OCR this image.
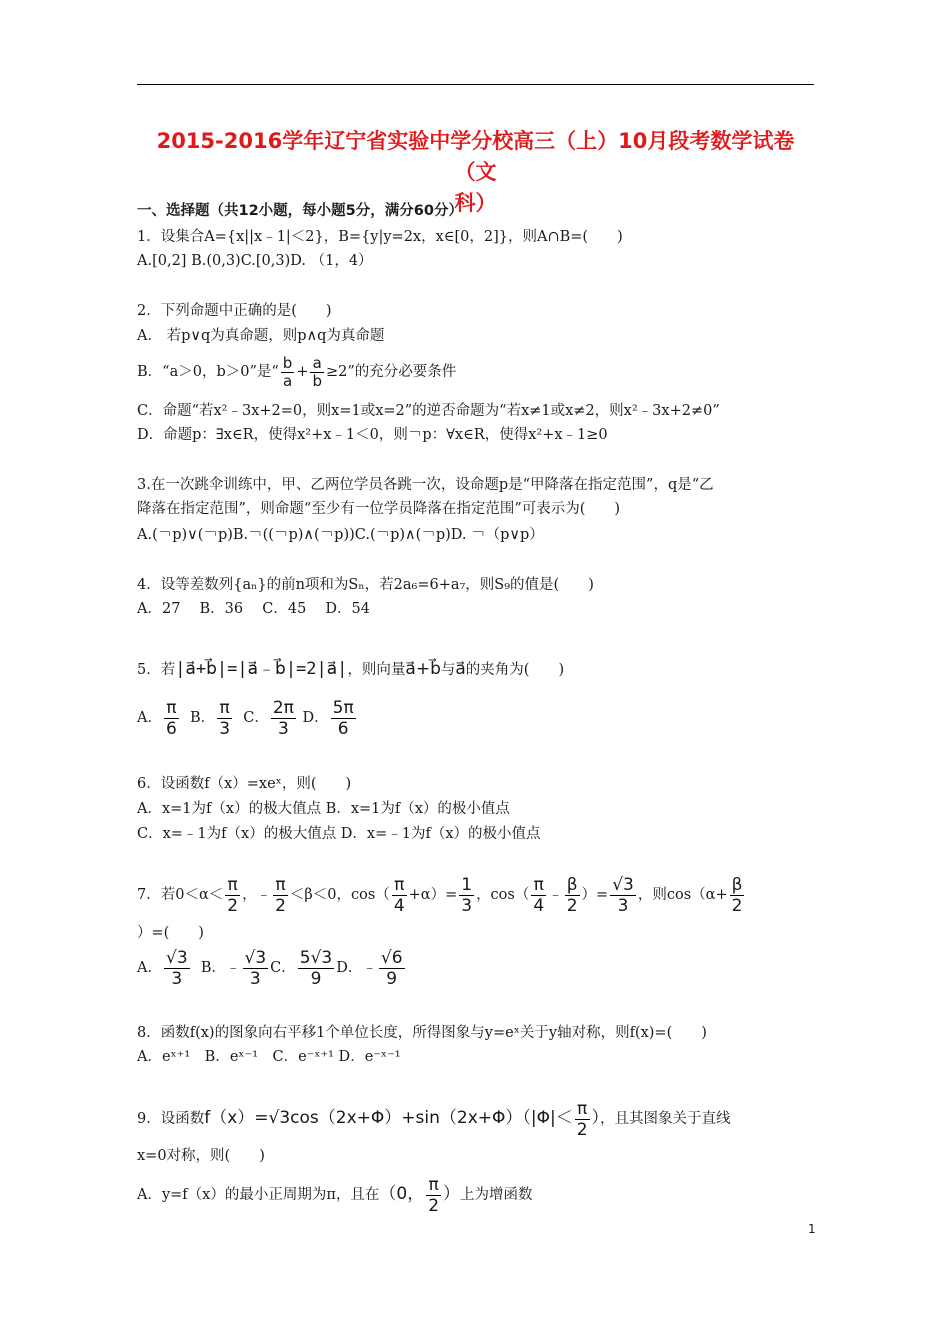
2015-2016学年辽宁省实验中学分校高三（上）10月段考数学试卷（文
科）
一、选择题（共12小题，每小题5分，满分60分）
1．设集合A={x||x﹣1|＜2}，B={y|y=2x，x∈[0，2]}，则A∩B=(　　)
A.[0,2] B.(0,3)C.[0,3)D. （1，4）
2．下列命题中正确的是(　　)
A． 若p∨q为真命题，则p∧q为真命题
B．“a＞0，b＞0”是“ $\frac{b}{a} + \frac{a}{b} \ge 2$”的充分必要条件
C．命题“若x²﹣3x+2=0，则x=1或x=2”的逆否命题为“若x≠1或x≠2，则x²﹣3x+2≠0”
D．命题p：∃x∈R，使得x²+x﹣1＜0，则￢p：∀x∈R，使得x²+x﹣1≥0
3.在一次跳伞训练中，甲、乙两位学员各跳一次，设命题p是“甲降落在指定范围”，q是“乙
降落在指定范围”，则命题“至少有一位学员降落在指定范围”可表示为(　　)
A.(￢p)∨(￢p)B.￢((￢p)∧(￢p))C.(￢p)∧(￢p)D. ￢（p∨p）
4．设等差数列{aₙ}的前n项和为Sₙ，若2a₆=6+a₇，则S₉的值是(　　)
A．27　 B．36　 C．45　 D．54
5．若|a⃗+b⃗|=|a⃗﹣b⃗|=2|a⃗|，则向量a⃗+b⃗与a⃗的夹角为(　　)
A． $\frac{\pi}{6}$ B． $\frac{\pi}{3}$ C． $\frac{2\pi}{3}$ D． $\frac{5\pi}{6}$
6．设函数f（x）=xeˣ，则(　　)
A．x=1为f（x）的极大值点 B．x=1为f（x）的极小值点
C．x=﹣1为f（x）的极大值点 D．x=﹣1为f（x）的极小值点
7．若$0<\alpha< \frac{\pi}{2}$ ，﹣ $\frac{\pi}{2} <\beta<0$，$\cos( \frac{\pi}{4} +\alpha)= \frac{1}{3}$ ，$\cos( \frac{\pi}{4}$ ﹣ $\frac{\beta}{2}$ ）= $\frac{√3}{3}$ ，则$\cos(\alpha+ \frac{\beta}{2}$
）=(　　)
A． $\frac{√3}{3}$ B．﹣ $\frac{√3}{3}$ C． $\frac{5√3}{9}$ D．﹣ $\frac{√6}{9}$
8．函数f(x)的图象向右平移1个单位长度，所得图象与y=eˣ关于y轴对称，则f(x)=(　　)
A．eˣ⁺¹　B．eˣ⁻¹　C．e⁻ˣ⁺¹ D．e⁻ˣ⁻¹
9．设函数$f(x)=√3\cos(2x+\Phi)+\sin(2x+\Phi)(|\Phi|< \frac{\pi}{2}$ ），且其图象关于直线
x=0对称，则(　　)
A．y=f（x）的最小正周期为π，且在（0， $\frac{\pi}{2}$ ）上为增函数
1
